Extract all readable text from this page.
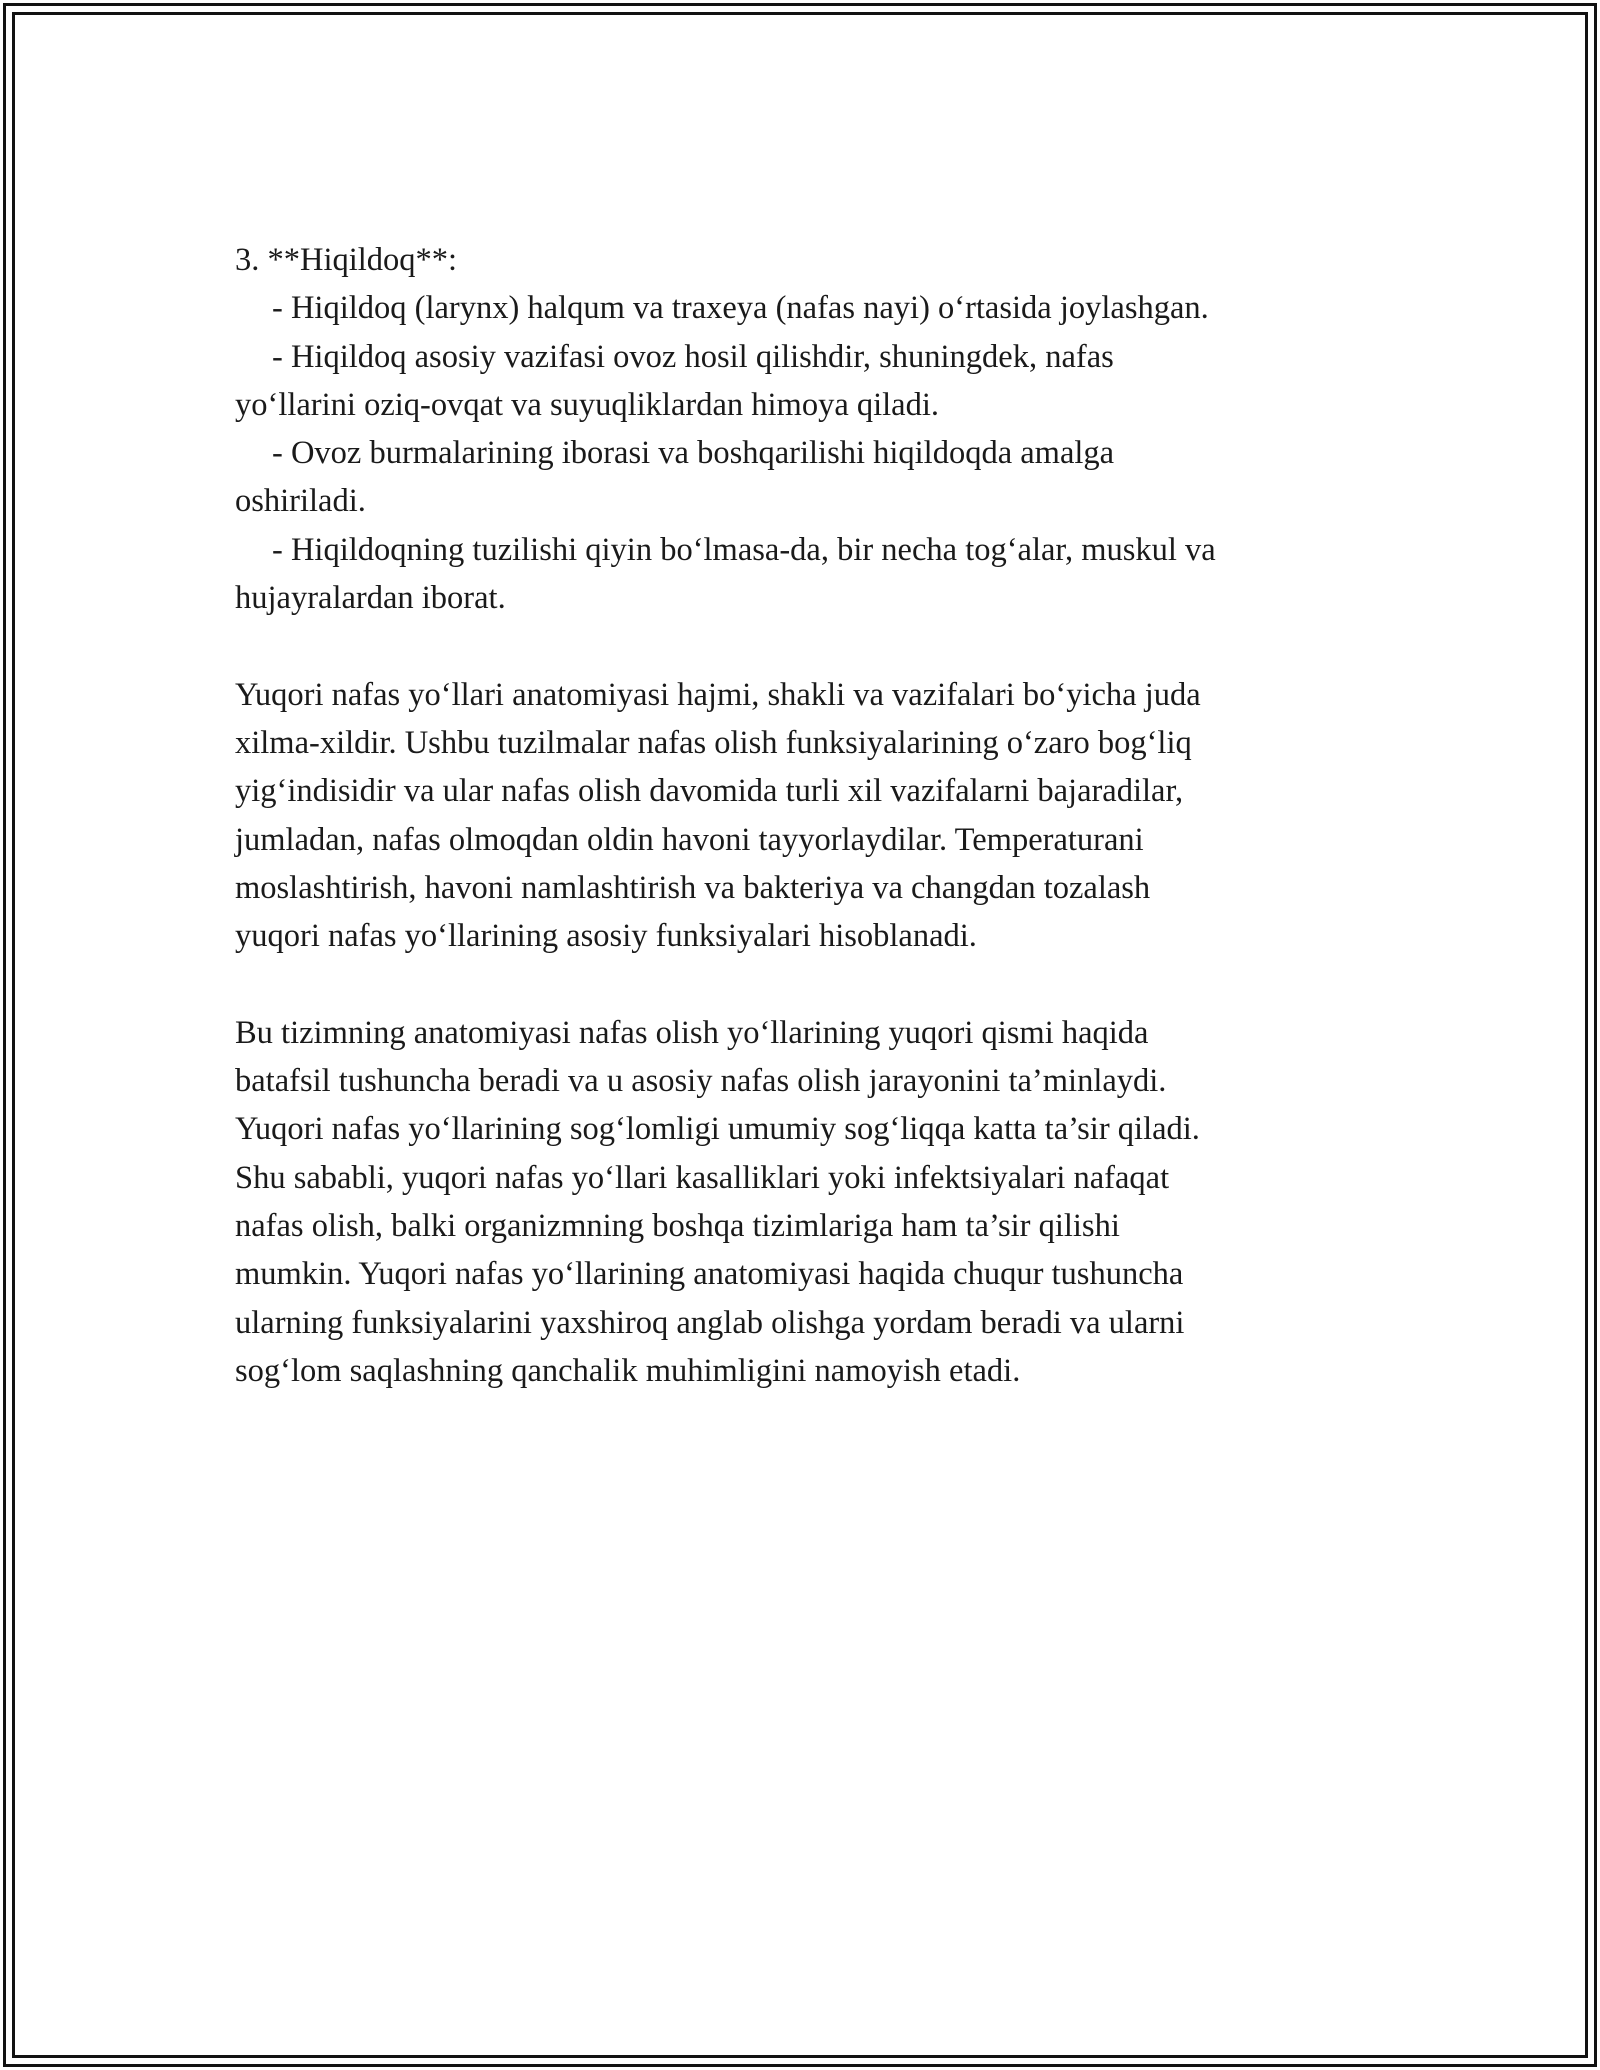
3. **Hiqildoq**:
- Hiqildoq (larynx) halqum va traxeya (nafas nayi) o‘rtasida joylashgan.
- Hiqildoq asosiy vazifasi ovoz hosil qilishdir, shuningdek, nafas
yo‘llarini oziq-ovqat va suyuqliklardan himoya qiladi.
- Ovoz burmalarining iborasi va boshqarilishi hiqildoqda amalga
oshiriladi.
- Hiqildoqning tuzilishi qiyin bo‘lmasa-da, bir necha tog‘alar, muskul va
hujayralardan iborat.
Yuqori nafas yo‘llari anatomiyasi hajmi, shakli va vazifalari bo‘yicha juda
xilma-xildir. Ushbu tuzilmalar nafas olish funksiyalarining o‘zaro bog‘liq
yig‘indisidir va ular nafas olish davomida turli xil vazifalarni bajaradilar,
jumladan, nafas olmoqdan oldin havoni tayyorlaydilar. Temperaturani
moslashtirish, havoni namlashtirish va bakteriya va changdan tozalash
yuqori nafas yo‘llarining asosiy funksiyalari hisoblanadi.
Bu tizimning anatomiyasi nafas olish yo‘llarining yuqori qismi haqida
batafsil tushuncha beradi va u asosiy nafas olish jarayonini ta’minlaydi.
Yuqori nafas yo‘llarining sog‘lomligi umumiy sog‘liqqa katta ta’sir qiladi.
Shu sababli, yuqori nafas yo‘llari kasalliklari yoki infektsiyalari nafaqat
nafas olish, balki organizmning boshqa tizimlariga ham ta’sir qilishi
mumkin. Yuqori nafas yo‘llarining anatomiyasi haqida chuqur tushuncha
ularning funksiyalarini yaxshiroq anglab olishga yordam beradi va ularni
sog‘lom saqlashning qanchalik muhimligini namoyish etadi.
